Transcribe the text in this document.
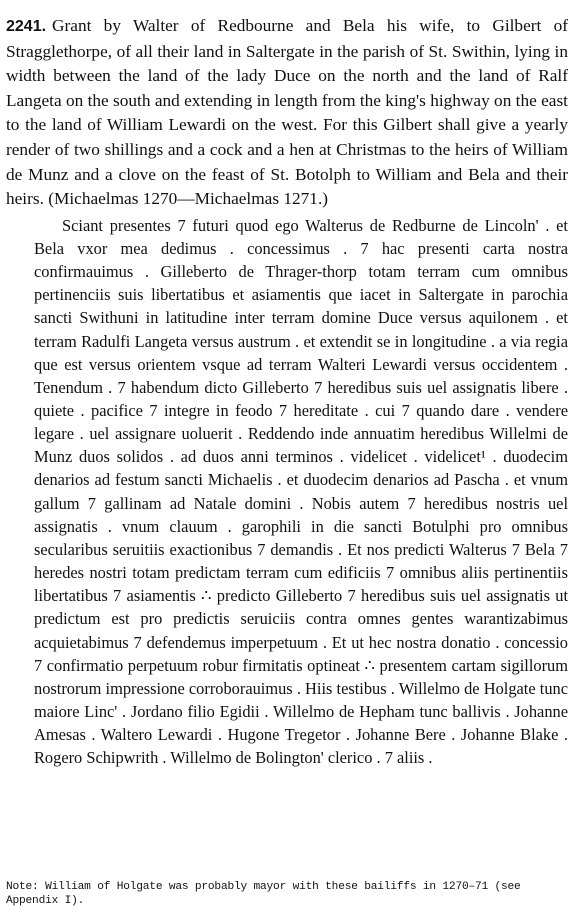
2241. Grant by Walter of Redbourne and Bela his wife, to Gilbert of Stragglethorpe, of all their land in Saltergate in the parish of St. Swithin, lying in width between the land of the lady Duce on the north and the land of Ralf Langeta on the south and extending in length from the king's highway on the east to the land of William Lewardi on the west. For this Gilbert shall give a yearly render of two shillings and a cock and a hen at Christmas to the heirs of William de Munz and a clove on the feast of St. Botolph to William and Bela and their heirs. (Michaelmas 1270—Michaelmas 1271.)

Sciant presentes 7 futuri quod ego Walterus de Redburne de Lincoln' . et Bela vxor mea dedimus . concessimus . 7 hac presenti carta nostra confirmauimus . Gilleberto de Thrager-thorp totam terram cum omnibus pertinenciis suis libertatibus et asiamentis que iacet in Saltergate in parochia sancti Swithuni in latitudine inter terram domine Duce versus aquilonem . et terram Radulfi Langeta versus austrum . et extendit se in longitudine . a via regia que est versus orientem vsque ad terram Walteri Lewardi versus occidentem . Tenendum . 7 habendum dicto Gilleberto 7 heredibus suis uel assignatis libere . quiete . pacifice 7 integre in feodo 7 hereditate . cui 7 quando dare . vendere legare . uel assignare uoluerit . Reddendo inde annuatim heredibus Willelmi de Munz duos solidos . ad duos anni terminos . videlicet . videlicet¹ . duodecim denarios ad festum sancti Michaelis . et duodecim denarios ad Pascha . et vnum gallum 7 gallinam ad Natale domini . Nobis autem 7 heredibus nostris uel assignatis . vnum clauum . garophili in die sancti Botulphi pro omnibus secularibus seruitiis exactionibus 7 demandis . Et nos predicti Walterus 7 Bela 7 heredes nostri totam predictam terram cum edificiis 7 omnibus aliis pertinentiis libertatibus 7 asiamentis ∴ predicto Gilleberto 7 heredibus suis uel assignatis ut predictum est pro predictis seruiciis contra omnes gentes warantizabimus acquietabimus 7 defendemus imperpetuum . Et ut hec nostra donatio . concessio 7 confirmatio perpetuum robur firmitatis optineat ∴ presentem cartam sigillorum nostrorum impressione corroborauimus . Hiis testibus . Willelmo de Holgate tunc maiore Linc' . Jordano filio Egidii . Willelmo de Hepham tunc ballivis . Johanne Amesas . Waltero Lewardi . Hugone Tregetor . Johanne Bere . Johanne Blake . Rogero Schipwrith . Willelmo de Bolington' clerico . 7 aliis .

Note: William of Holgate was probably mayor with these bailiffs in 1270–71 (see Appendix I).
